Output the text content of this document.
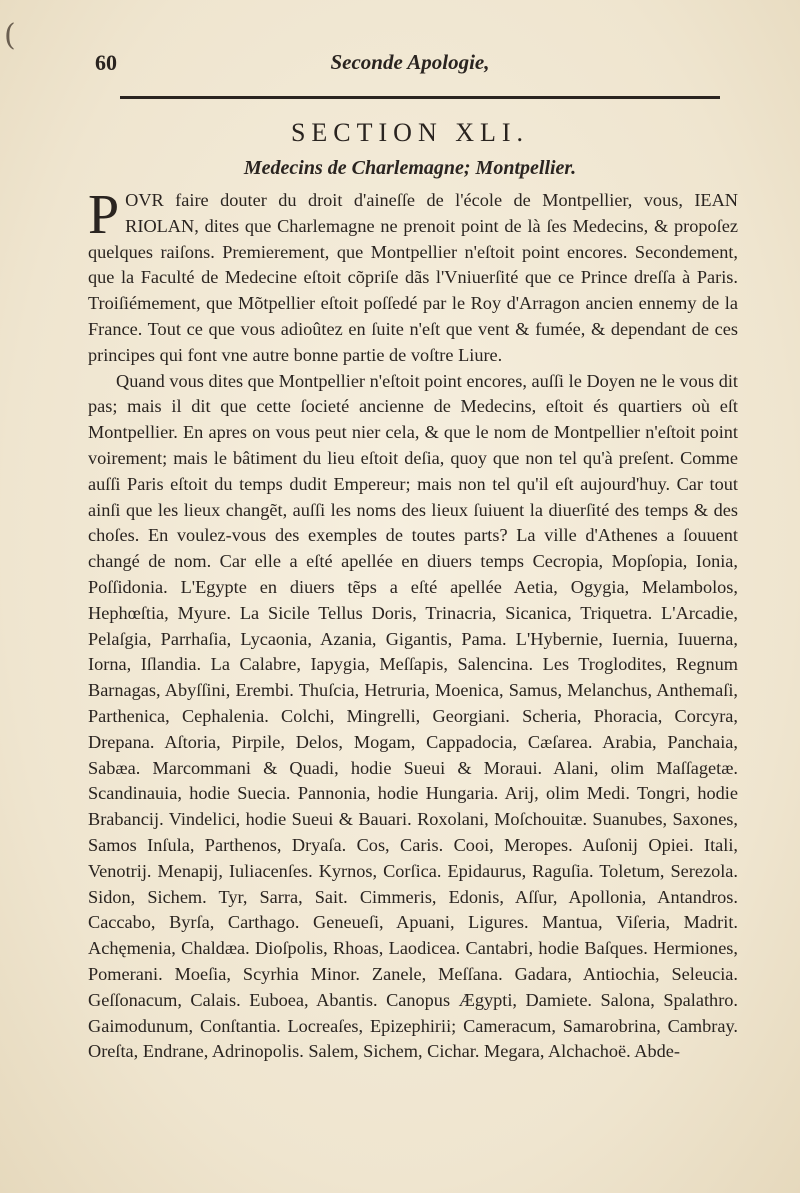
(
60	Seconde Apologie,
SECTION XLI.
Medecins de Charlemagne; Montpellier.

POVR faire douter du droit d'aineſſe de l'école de Montpellier, vous, IEAN RIOLAN, dites que Charlemagne ne prenoit point de là ſes Medecins, & propoſez quelques raiſons. Premierement, que Montpellier n'eſtoit point encores. Secondement, que la Faculté de Medecine eſtoit cõpriſe dãs l'Vniuerſité que ce Prince dreſſa à Paris. Troiſiémement, que Mõtpellier eſtoit poſſedé par le Roy d'Arragon ancien ennemy de la France. Tout ce que vous adioûtez en ſuite n'eſt que vent & fumée, & dependant de ces principes qui font vne autre bonne partie de voſtre Liure.

Quand vous dites que Montpellier n'eſtoit point encores, auſſi le Doyen ne le vous dit pas; mais il dit que cette ſocieté ancienne de Medecins, eſtoit és quartiers où eſt Montpellier. En apres on vous peut nier cela, & que le nom de Montpellier n'eſtoit point voirement; mais le bâtiment du lieu eſtoit deſia, quoy que non tel qu'à preſent. Comme auſſi Paris eſtoit du temps dudit Empereur; mais non tel qu'il eſt aujourd'huy. Car tout ainſi que les lieux changẽt, auſſi les noms des lieux ſuiuent la diuerſité des temps & des choſes. En voulez-vous des exemples de toutes parts? La ville d'Athenes a ſouuent changé de nom. Car elle a eſté apellée en diuers temps Cecropia, Mopſopia, Ionia, Poſſidonia. L'Egypte en diuers tẽps a eſté apellée Aetia, Ogygia, Melambolos, Hephœſtia, Myure. La Sicile Tellus Doris, Trinacria, Sicanica, Triquetra. L'Arcadie, Pelaſgia, Parrhaſia, Lycaonia, Azania, Gigantis, Pama. L'Hybernie, Iuernia, Iuuerna, Iorna, Iſlandia. La Calabre, Iapygia, Meſſapis, Salencina. Les Troglodites, Regnum Barnagas, Abyſſini, Erembi. Thuſcia, Hetruria, Moenica, Samus, Melanchus, Anthemaſi, Parthenica, Cephalenia. Colchi, Mingrelli, Georgiani. Scheria, Phoracia, Corcyra, Drepana. Aſtoria, Pirpile, Delos, Mogam, Cappadocia, Cæſarea. Arabia, Panchaia, Sabæa. Marcommani & Quadi, hodie Sueui & Moraui. Alani, olim Maſſagetæ. Scandinauia, hodie Suecia. Pannonia, hodie Hungaria. Arij, olim Medi. Tongri, hodie Brabancij. Vindelici, hodie Sueui & Bauari. Roxolani, Moſchouitæ. Suanubes, Saxones, Samos Inſula, Parthenos, Dryaſa. Cos, Caris. Cooi, Meropes. Auſonij Opiei. Itali, Venotrij. Menapij, Iuliacenſes. Kyrnos, Corſica. Epidaurus, Raguſia. Toletum, Serezola. Sidon, Sichem. Tyr, Sarra, Sait. Cimmeris, Edonis, Aſſur, Apollonia, Antandros. Caccabo, Byrſa, Carthago. Geneueſi, Apuani, Ligures. Mantua, Viſeria, Madrit. Achęmenia, Chaldæa. Dioſpolis, Rhoas, Laodicea. Cantabri, hodie Baſques. Hermiones, Pomerani. Moeſia, Scyrhia Minor. Zanele, Meſſana. Gadara, Antiochia, Seleucia. Geſſonacum, Calais. Euboea, Abantis. Canopus Ægypti, Damiete. Salona, Spalathro. Gaimodunum, Conſtantia. Locreaſes, Epizephirii; Cameracum, Samarobrina, Cambray. Oreſta, Endrane, Adrinopolis. Salem, Sichem, Cichar. Megara, Alchachoë. Abde-
